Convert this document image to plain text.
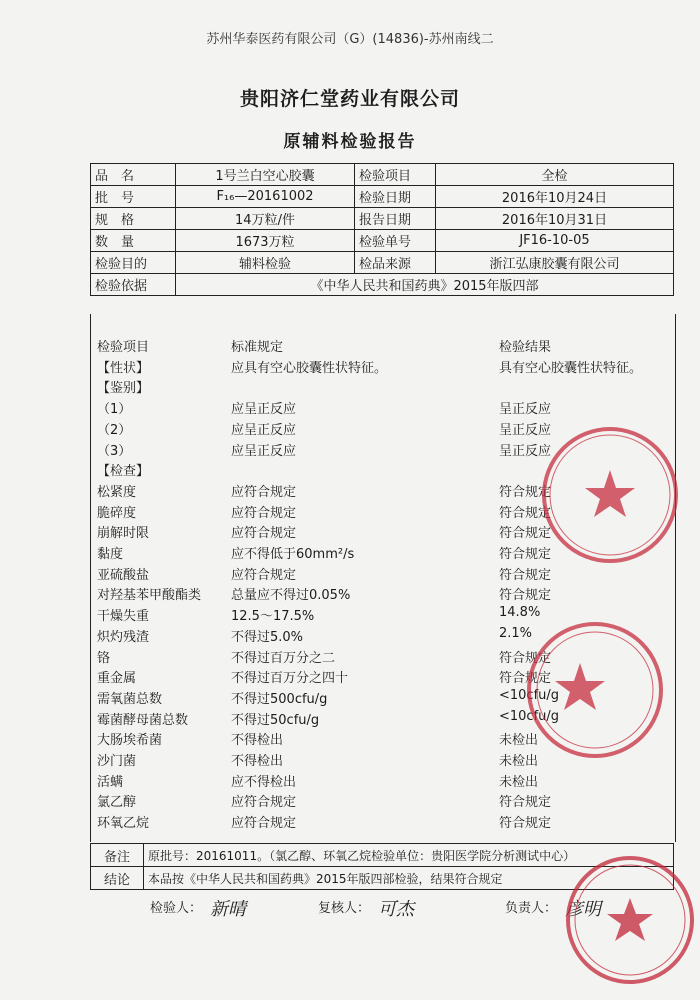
苏州华泰医药有限公司（G）(14836)-苏州南线二
贵阳济仁堂药业有限公司
原辅料检验报告
品　名	1号兰白空心胶囊	检验项目	全检
批　号	F₁₆—20161002	检验日期	2016年10月24日
规　格	14万粒/件	报告日期	2016年10月31日
数　量	1673万粒	检验单号	JF16-10-05
检验目的	辅料检验	检品来源	浙江弘康胶囊有限公司
检验依据	《中华人民共和国药典》2015年版四部		
检验项目	标准规定	检验结果
【性状】	应具有空心胶囊性状特征。	具有空心胶囊性状特征。
【鉴别】
（1）	应呈正反应	呈正反应
（2）	应呈正反应	呈正反应
（3）	应呈正反应	呈正反应
【检查】
松紧度	应符合规定	符合规定
脆碎度	应符合规定	符合规定
崩解时限	应符合规定	符合规定
黏度	应不得低于60mm²/s	符合规定
亚硫酸盐	应符合规定	符合规定
对羟基苯甲酸酯类 总量应不得过0.05%	符合规定
干燥失重	12.5～17.5%	14.8%
炽灼残渣	不得过5.0%	2.1%
铬	不得过百万分之二	符合规定
重金属	不得过百万分之四十	符合规定
需氧菌总数	不得过500cfu/g	<10cfu/g
霉菌酵母菌总数	不得过50cfu/g	<10cfu/g
大肠埃希菌	不得检出	未检出
沙门菌	不得检出	未检出
活螨	应不得检出	未检出
氯乙醇	应符合规定	符合规定
环氧乙烷	应符合规定	符合规定
备注	原批号：20161011。（氯乙醇、环氧乙烷检验单位：贵阳医学院分析测试中心）
结论	本品按《中华人民共和国药典》2015年版四部检验，结果符合规定
检验人： 新晴	复核人： 可杰	负责人： 彦明
